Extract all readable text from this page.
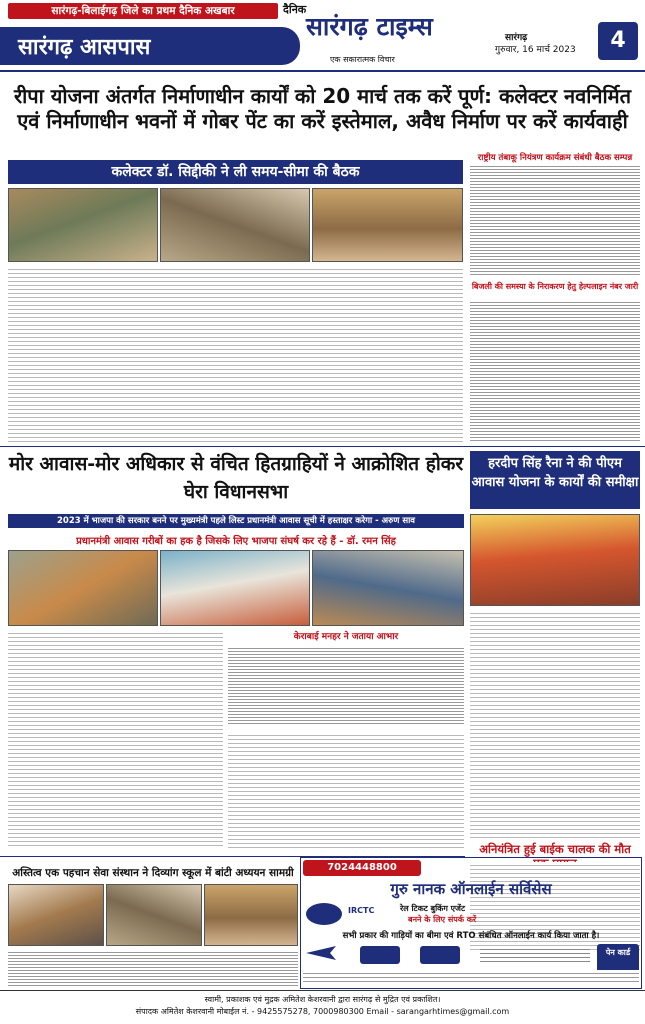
सारंगढ़-बिलाईगढ़ जिले का प्रथम दैनिक अखबार	दैनिक
सारंगढ़ टाइम्स
एक सकारात्मक विचार
सारंगढ़ आसपास	सारंगढ़
गुरुवार, 16 मार्च 2023	4
रीपा योजना अंतर्गत निर्माणाधीन कार्यों को 20 मार्च तक करें पूर्ण: कलेक्टर नवनिर्मित एवं निर्माणाधीन भवनों में गोबर पेंट का करें इस्तेमाल, अवैध निर्माण पर करें कार्यवाही
कलेक्टर डॉ. सिद्दीकी ने ली समय-सीमा की बैठक
राष्ट्रीय तंबाकू नियंत्रण कार्यक्रम संबंधी बैठक सम्पन्न
बिजली की समस्या के निराकरण हेतु हेल्पलाइन नंबर जारी
मोर आवास-मोर अधिकार से वंचित हितग्राहियों ने आक्रोशित होकर घेरा विधानसभा
2023 में भाजपा की सरकार बनने पर मुख्यमंत्री पहले लिस्ट प्रधानमंत्री आवास सूची में हस्ताक्षर करेगा - अरुण साव
प्रधानमंत्री आवास गरीबों का हक है जिसके लिए भाजपा संघर्ष कर रहे हैं - डॉ. रमन सिंह
केराबाई मनहर ने जताया आभार
हरदीप सिंह रैना ने की पीएम आवास योजना के कार्यों की समीक्षा
अनियंत्रित हुई बाईक चालक की मौत
अस्तित्व एक पहचान सेवा संस्थान ने दिव्यांग स्कूल में बांटी अध्ययन सामग्री	7024448800
गुरु नानक ऑनलाईन सर्विसेस
IRCTC	रेल टिकट बुकिंग एजेंट
बनने के लिए संपर्क करें
सभी प्रकार की गाड़ियों का बीमा एवं RTO संबंधित ऑनलाईन कार्य किया जाता है।
पेन कार्ड
स्वामी, प्रकाशक एवं मुद्रक अमितेश केशरवानी द्वारा सारंगढ़ से मुद्रित एवं प्रकाशित।
संपादक अमितेश केशरवानी मोबाईल नं. - 9425575278, 7000980300 Email - sarangarhtimes@gmail.com
